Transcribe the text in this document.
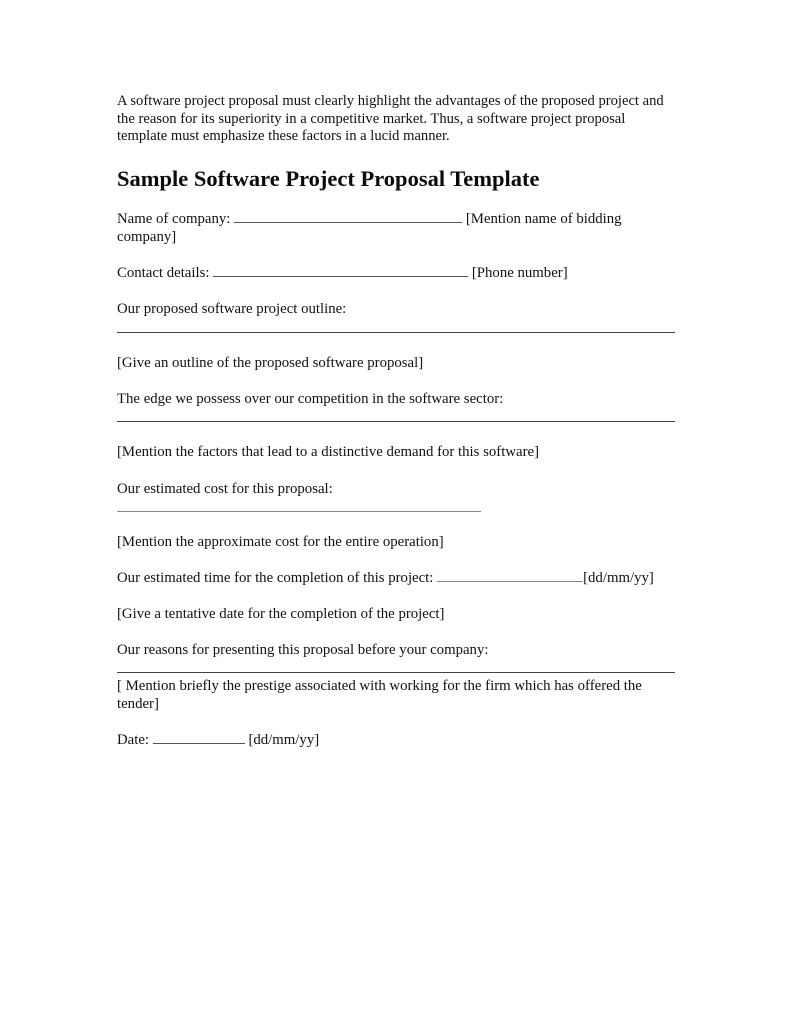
A software project proposal must clearly highlight the advantages of the proposed project and the reason for its superiority in a competitive market. Thus, a software project proposal template must emphasize these factors in a lucid manner.

Sample Software Project Proposal Template
Name of company:	[Mention name of bidding
company]
Contact details:	[Phone number]
Our proposed software project outline:
[Give an outline of the proposed software proposal]
The edge we possess over our competition in the software sector:
[Mention the factors that lead to a distinctive demand for this software]
Our estimated cost for this proposal:
[Mention the approximate cost for the entire operation]
Our estimated time for the completion of this project:	[dd/mm/yy]
[Give a tentative date for the completion of the project]
Our reasons for presenting this proposal before your company:
[ Mention briefly the prestige associated with working for the firm which has offered the tender]
Date:	[dd/mm/yy]
